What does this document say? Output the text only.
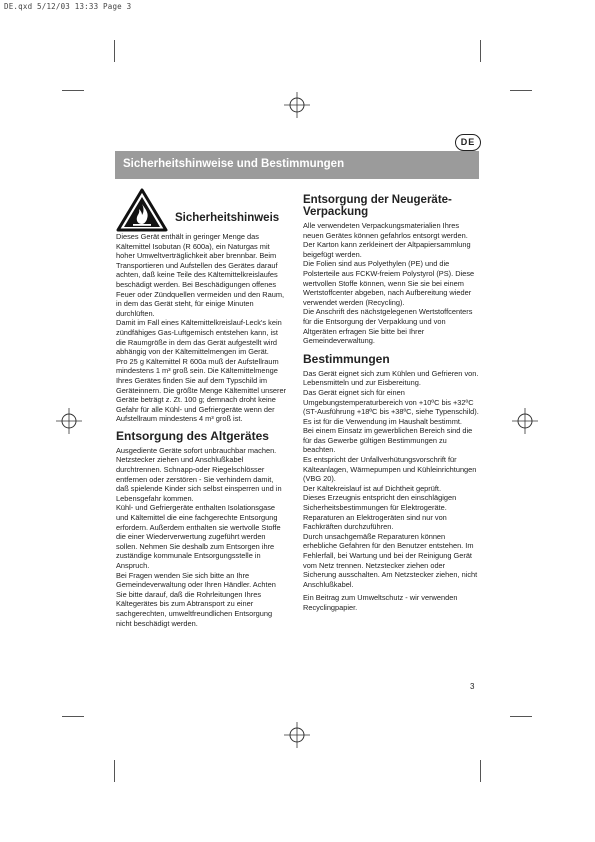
DE.qxd 5/12/03 13:33 Page 3
DE
Sicherheitshinweise und Bestimmungen
Sicherheitshinweis

Dieses Gerät enthält in geringer Menge das Kältemittel Isobutan (R 600a), ein Naturgas mit hoher Umweltverträglichkeit aber brennbar. Beim Transportieren und Aufstellen des Gerätes darauf achten, daß keine Teile des Kältemittelkreislaufes beschädigt werden. Bei Beschädigungen offenes Feuer oder Zündquellen vermeiden und den Raum, in dem das Gerät steht, für einige Minuten durchlüften.

Damit im Fall eines Kältemittelkreislauf-Leck's kein zündfähiges Gas-Luftgemisch entstehen kann, ist die Raumgröße in dem das Gerät aufgestellt wird abhängig von der Kältemittelmengen im Gerät.

Pro 25 g Kältemittel R 600a muß der Aufstellraum mindestens 1 m³ groß sein. Die Kältemittelmenge Ihres Gerätes finden Sie auf dem Typschild im Geräteinnern. Die größte Menge Kältemittel unserer Geräte beträgt z. Zt. 100 g; demnach droht keine Gefahr für alle Kühl- und Gefriergeräte wenn der Aufstellraum mindestens 4 m³ groß ist.

Entsorgung des Altgerätes

Ausgediente Geräte sofort unbrauchbar machen. Netzstecker ziehen und Anschlußkabel durchtrennen. Schnapp-oder Riegelschlösser entfernen oder zerstören - Sie verhindern damit, daß spielende Kinder sich selbst einsperren und in Lebensgefahr kommen.

Kühl- und Gefriergeräte enthalten Isolationsgase und Kältemittel die eine fachgerechte Entsorgung erfordern. Außerdem enthalten sie wertvolle Stoffe die einer Wiederverwertung zugeführt werden sollen. Nehmen Sie deshalb zum Entsorgen ihre zuständige kommunale Entsorgungsstelle in Anspruch.

Bei Fragen wenden Sie sich bitte an Ihre Gemeindeverwaltung oder Ihren Händler. Achten Sie bitte darauf, daß die Rohrleitungen Ihres Kältegerätes bis zum Abtransport zu einer sachgerechten, umweltfreundlichen Entsorgung nicht beschädigt werden.

Entsorgung der Neugeräte-Verpackung

Alle verwendeten Verpackungsmaterialien Ihres neuen Gerätes können gefahrlos entsorgt werden.

Der Karton kann zerkleinert der Altpapiersammlung beigefügt werden.

Die Folien sind aus Polyethylen (PE) und die Polsterteile aus FCKW-freiem Polystyrol (PS). Diese wertvollen Stoffe können, wenn Sie sie bei einem Wertstoffcenter abgeben, nach Aufbereitung wieder verwendet werden (Recycling).

Die Anschrift des nächstgelegenen Wertstoffcenters für die Entsorgung der Verpakkung und von Altgeräten erfragen Sie bitte bei Ihrer Gemeindeverwaltung.

Bestimmungen

Das Gerät eignet sich zum Kühlen und Gefrieren von. Lebensmitteln und zur Eisbereitung.

Das Gerät eignet sich für einen Umgebungstemperaturbereich von +10ºC bis +32ºC (ST-Ausführung +18ºC bis +38ºC, siehe Typenschild).

Es ist für die Verwendung im Haushalt bestimmt.

Bei einem Einsatz im gewerblichen Bereich sind die für das Gewerbe gültigen Bestimmungen zu beachten.

Es entspricht der Unfallverhütungsvorschrift für Kälteanlagen, Wärmepumpen und Kühleinrichtungen (VBG 20).

Der Kältekreislauf ist auf Dichtheit geprüft.

Dieses Erzeugnis entspricht den einschlägigen Sicherheitsbestimmungen für Elektrogeräte. Reparaturen an Elektrogeräten sind nur von Fachkräften durchzuführen.

Durch unsachgemäße Reparaturen können erhebliche Gefahren für den Benutzer entstehen. Im Fehlerfall, bei Wartung und bei der Reinigung Gerät vom Netz trennen. Netzstecker ziehen oder Sicherung ausschalten. Am Netzstecker ziehen, nicht Anschlußkabel.

Ein Beitrag zum Umweltschutz - wir verwenden Recyclingpapier.

3
